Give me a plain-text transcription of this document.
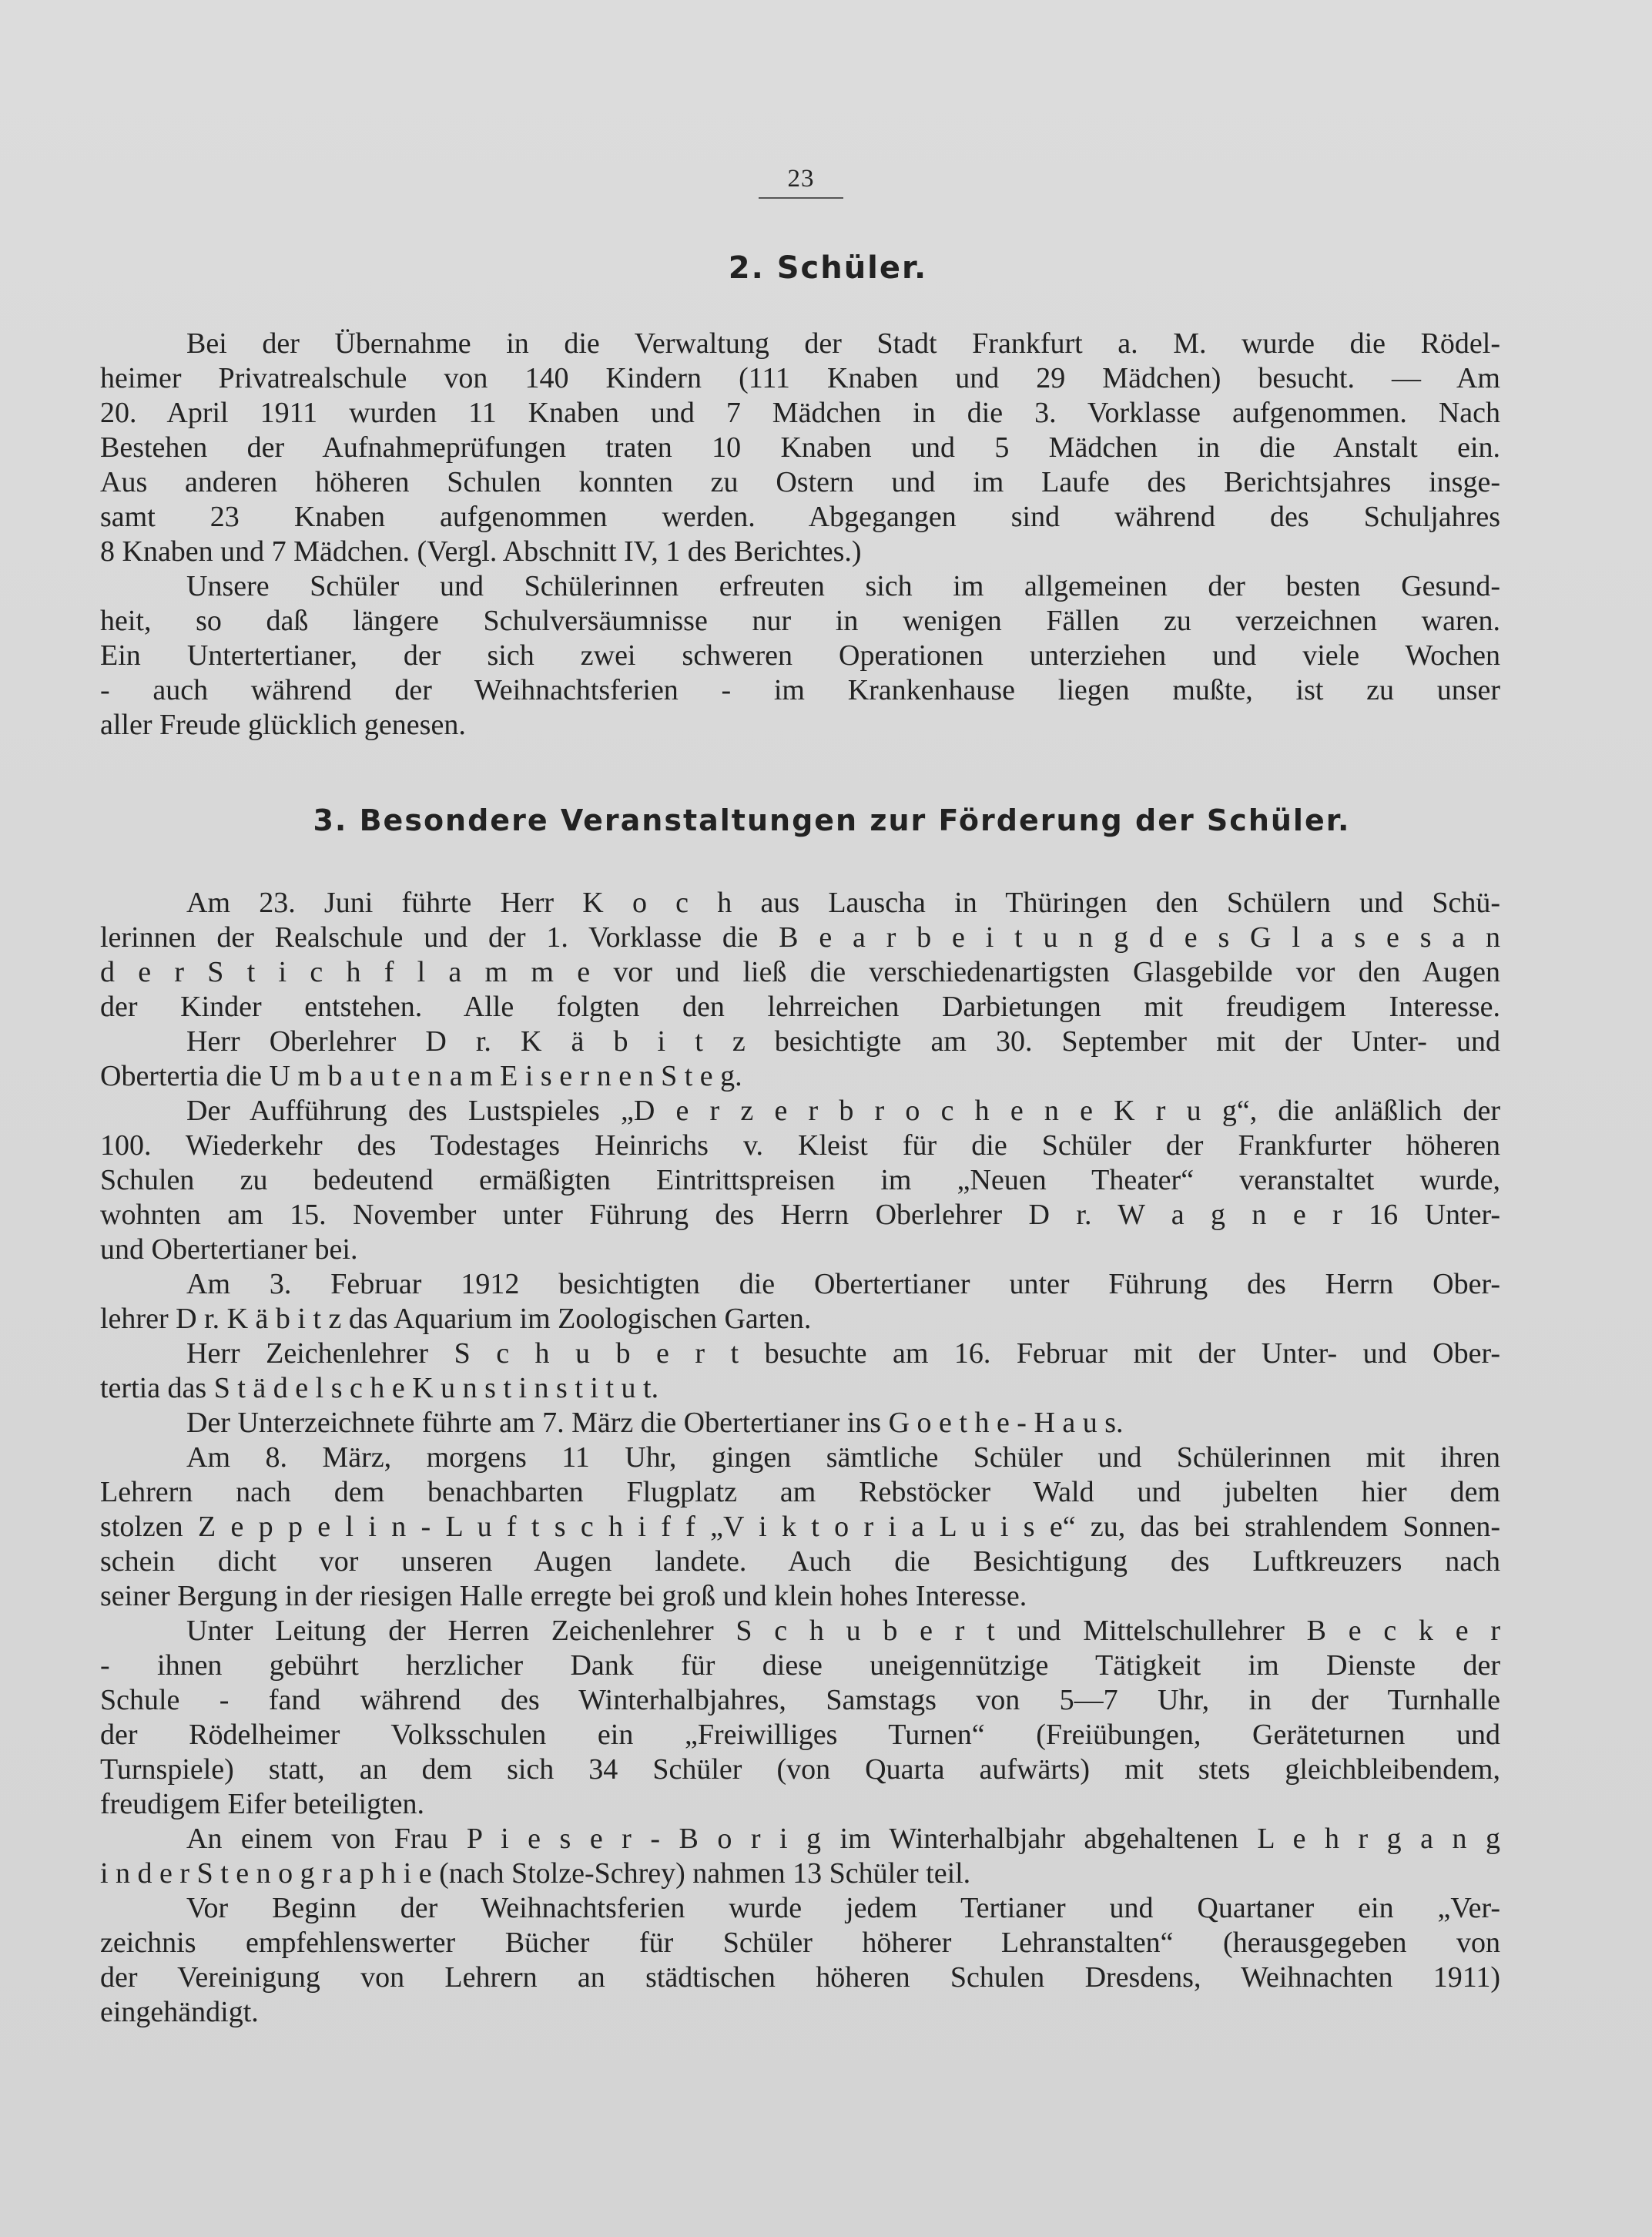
23
2. Schüler.
Bei der Übernahme in die Verwaltung der Stadt Frankfurt a. M. wurde die Rödel-
heimer Privatrealschule von 140 Kindern (111 Knaben und 29 Mädchen) besucht. — Am
20. April 1911 wurden 11 Knaben und 7 Mädchen in die 3. Vorklasse aufgenommen. Nach
Bestehen der Aufnahmeprüfungen traten 10 Knaben und 5 Mädchen in die Anstalt ein.
Aus anderen höheren Schulen konnten zu Ostern und im Laufe des Berichtsjahres insge-
samt 23 Knaben aufgenommen werden. Abgegangen sind während des Schuljahres
8 Knaben und 7 Mädchen. (Vergl. Abschnitt IV, 1 des Berichtes.)
Unsere Schüler und Schülerinnen erfreuten sich im allgemeinen der besten Gesund-
heit, so daß längere Schulversäumnisse nur in wenigen Fällen zu verzeichnen waren.
Ein Untertertianer, der sich zwei schweren Operationen unterziehen und viele Wochen
- auch während der Weihnachtsferien - im Krankenhause liegen mußte, ist zu unser
aller Freude glücklich genesen.
3. Besondere Veranstaltungen zur Förderung der Schüler.
Am 23. Juni führte Herr K o c h aus Lauscha in Thüringen den Schülern und Schü-
lerinnen der Realschule und der 1. Vorklasse die B e a r b e i t u n g d e s G l a s e s a n
d e r S t i c h f l a m m e vor und ließ die verschiedenartigsten Glasgebilde vor den Augen
der Kinder entstehen. Alle folgten den lehrreichen Darbietungen mit freudigem Interesse.
Herr Oberlehrer D r. K ä b i t z besichtigte am 30. September mit der Unter- und
Obertertia die U m b a u t e n a m E i s e r n e n S t e g.
Der Aufführung des Lustspieles „D e r z e r b r o c h e n e K r u g“, die anläßlich der
100. Wiederkehr des Todestages Heinrichs v. Kleist für die Schüler der Frankfurter höheren
Schulen zu bedeutend ermäßigten Eintrittspreisen im „Neuen Theater“ veranstaltet wurde,
wohnten am 15. November unter Führung des Herrn Oberlehrer D r. W a g n e r 16 Unter-
und Obertertianer bei.
Am 3. Februar 1912 besichtigten die Obertertianer unter Führung des Herrn Ober-
lehrer D r. K ä b i t z das Aquarium im Zoologischen Garten.
Herr Zeichenlehrer S c h u b e r t besuchte am 16. Februar mit der Unter- und Ober-
tertia das S t ä d e l s c h e K u n s t i n s t i t u t.
Der Unterzeichnete führte am 7. März die Obertertianer ins G o e t h e - H a u s.
Am 8. März, morgens 11 Uhr, gingen sämtliche Schüler und Schülerinnen mit ihren
Lehrern nach dem benachbarten Flugplatz am Rebstöcker Wald und jubelten hier dem
stolzen Z e p p e l i n - L u f t s c h i f f „V i k t o r i a L u i s e“ zu, das bei strahlendem Sonnen-
schein dicht vor unseren Augen landete. Auch die Besichtigung des Luftkreuzers nach
seiner Bergung in der riesigen Halle erregte bei groß und klein hohes Interesse.
Unter Leitung der Herren Zeichenlehrer S c h u b e r t und Mittelschullehrer B e c k e r
- ihnen gebührt herzlicher Dank für diese uneigennützige Tätigkeit im Dienste der
Schule - fand während des Winterhalbjahres, Samstags von 5—7 Uhr, in der Turnhalle
der Rödelheimer Volksschulen ein „Freiwilliges Turnen“ (Freiübungen, Geräteturnen und
Turnspiele) statt, an dem sich 34 Schüler (von Quarta aufwärts) mit stets gleichbleibendem,
freudigem Eifer beteiligten.
An einem von Frau P i e s e r - B o r i g im Winterhalbjahr abgehaltenen L e h r g a n g
i n d e r S t e n o g r a p h i e (nach Stolze-Schrey) nahmen 13 Schüler teil.
Vor Beginn der Weihnachtsferien wurde jedem Tertianer und Quartaner ein „Ver-
zeichnis empfehlenswerter Bücher für Schüler höherer Lehranstalten“ (herausgegeben von
der Vereinigung von Lehrern an städtischen höheren Schulen Dresdens, Weihnachten 1911)
eingehändigt.
